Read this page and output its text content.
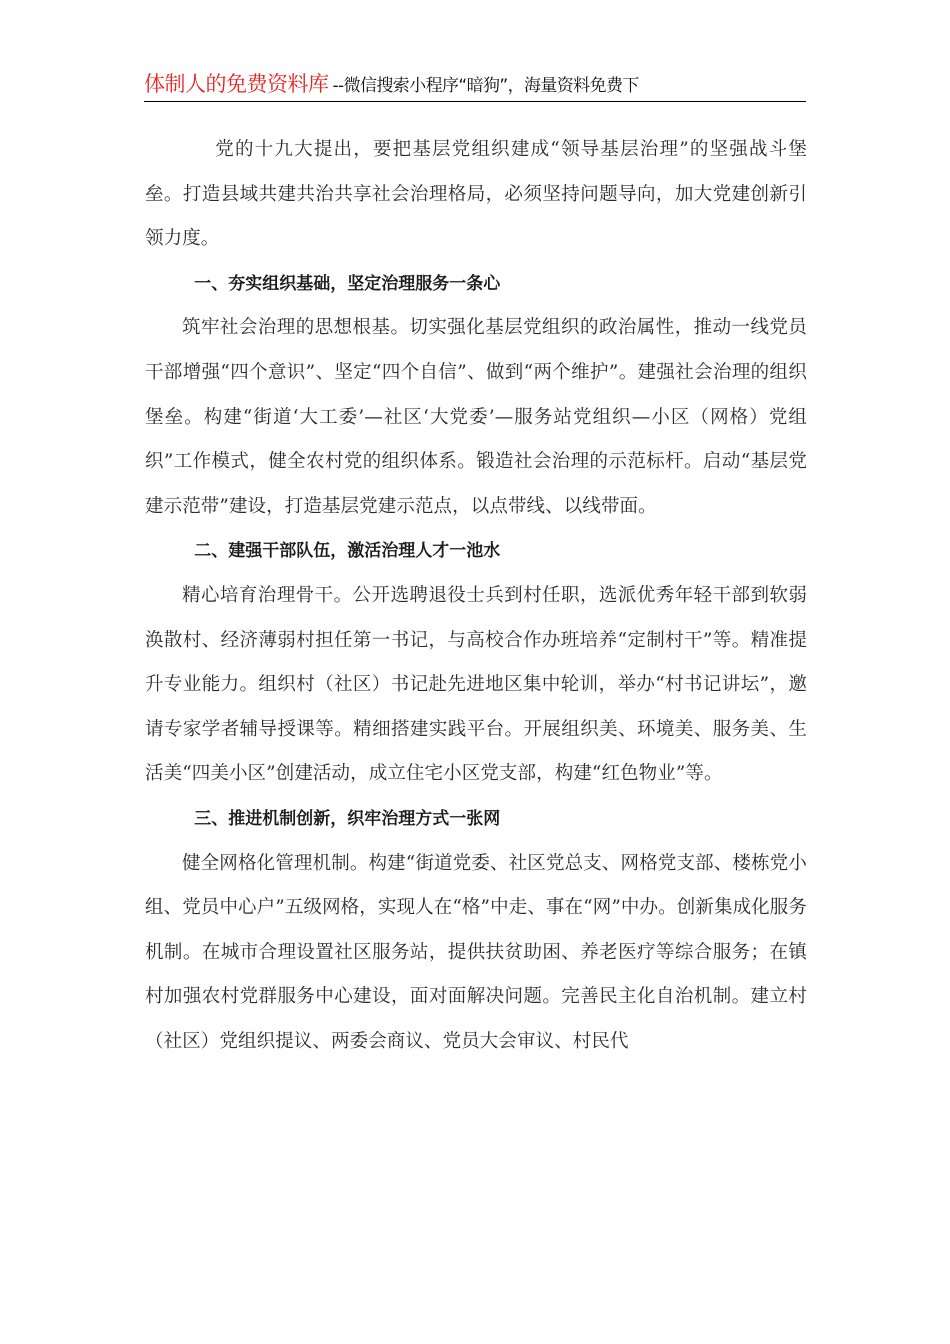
体制人的免费资料库 --微信搜索小程序“暗狗”，海量资料免费下

党的十九大提出，要把基层党组织建成“领导基层治理”的坚强战斗堡垒。打造县域共建共治共享社会治理格局，必须坚持问题导向，加大党建创新引领力度。

一、夯实组织基础，坚定治理服务一条心

筑牢社会治理的思想根基。切实强化基层党组织的政治属性，推动一线党员干部增强“四个意识”、坚定“四个自信”、做到“两个维护”。建强社会治理的组织堡垒。构建“街道‘大工委’—社区‘大党委’—服务站党组织—小区（网格）党组织”工作模式，健全农村党的组织体系。锻造社会治理的示范标杆。启动“基层党建示范带”建设，打造基层党建示范点，以点带线、以线带面。

二、建强干部队伍，激活治理人才一池水

精心培育治理骨干。公开选聘退役士兵到村任职，选派优秀年轻干部到软弱涣散村、经济薄弱村担任第一书记，与高校合作办班培养“定制村干”等。精准提升专业能力。组织村（社区）书记赴先进地区集中轮训，举办“村书记讲坛”，邀请专家学者辅导授课等。精细搭建实践平台。开展组织美、环境美、服务美、生活美“四美小区”创建活动，成立住宅小区党支部，构建“红色物业”等。

三、推进机制创新，织牢治理方式一张网

健全网格化管理机制。构建“街道党委、社区党总支、网格党支部、楼栋党小组、党员中心户”五级网格，实现人在“格”中走、事在“网”中办。创新集成化服务机制。在城市合理设置社区服务站，提供扶贫助困、养老医疗等综合服务；在镇村加强农村党群服务中心建设，面对面解决问题。完善民主化自治机制。建立村（社区）党组织提议、两委会商议、党员大会审议、村民代
